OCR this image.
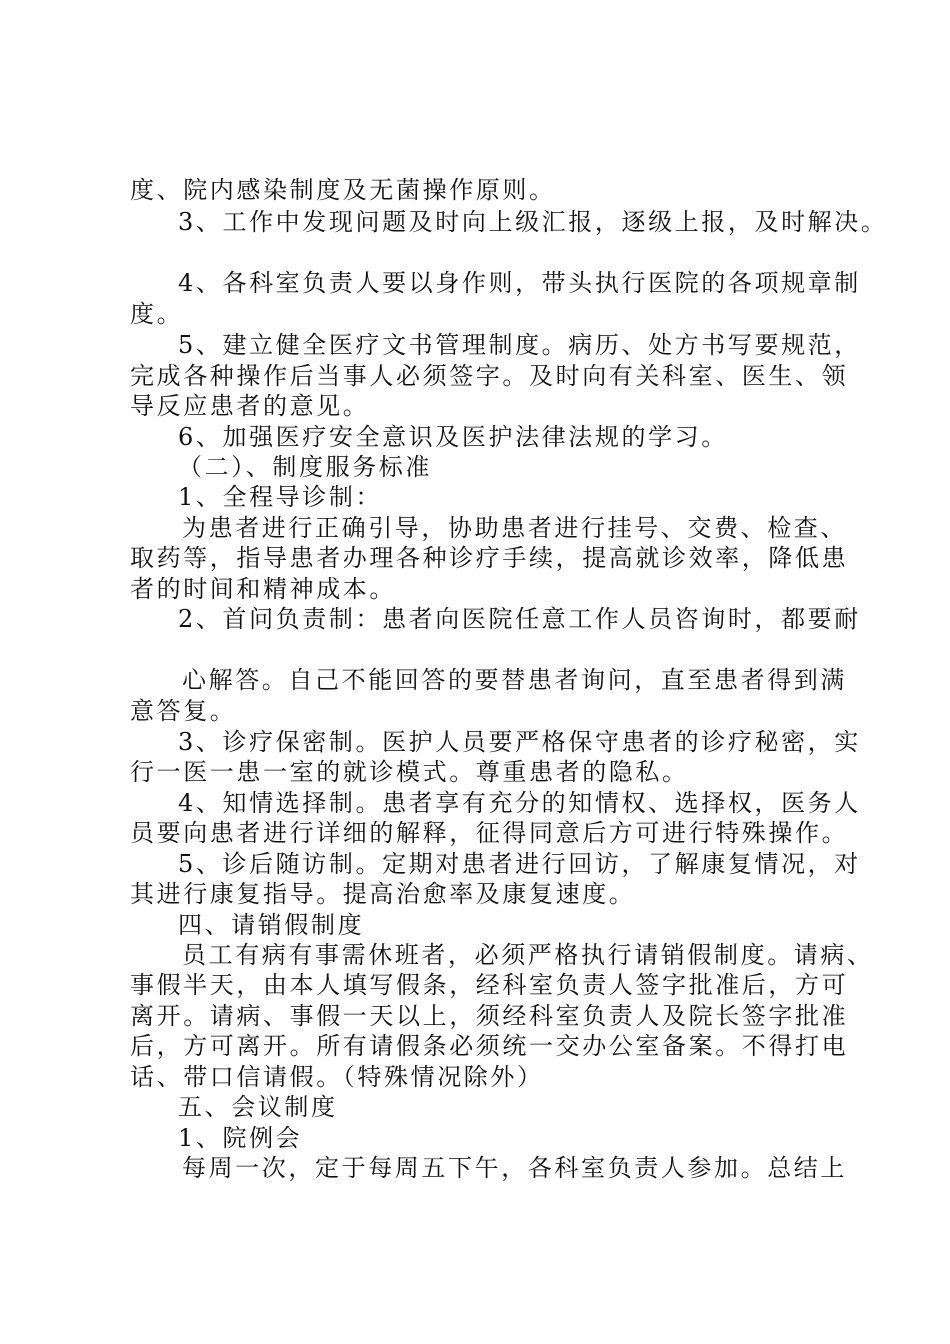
度、院内感染制度及无菌操作原则。
3、工作中发现问题及时向上级汇报，逐级上报，及时解决。
4、各科室负责人要以身作则，带头执行医院的各项规章制
度。
5、建立健全医疗文书管理制度。病历、处方书写要规范，
完成各种操作后当事人必须签字。及时向有关科室、医生、领
导反应患者的意见。
6、加强医疗安全意识及医护法律法规的学习。
（二）、制度服务标准
1、全程导诊制：
为患者进行正确引导，协助患者进行挂号、交费、检查、
取药等，指导患者办理各种诊疗手续，提高就诊效率，降低患
者的时间和精神成本。
2、首问负责制：患者向医院任意工作人员咨询时，都要耐
心解答。自己不能回答的要替患者询问，直至患者得到满
意答复。
3、诊疗保密制。医护人员要严格保守患者的诊疗秘密，实
行一医一患一室的就诊模式。尊重患者的隐私。
4、知情选择制。患者享有充分的知情权、选择权，医务人
员要向患者进行详细的解释，征得同意后方可进行特殊操作。
5、诊后随访制。定期对患者进行回访，了解康复情况，对
其进行康复指导。提高治愈率及康复速度。
四、请销假制度
员工有病有事需休班者，必须严格执行请销假制度。请病、
事假半天，由本人填写假条，经科室负责人签字批准后，方可
离开。请病、事假一天以上，须经科室负责人及院长签字批准
后，方可离开。所有请假条必须统一交办公室备案。不得打电
话、带口信请假。（特殊情况除外）
五、会议制度
1、院例会
每周一次，定于每周五下午，各科室负责人参加。总结上
